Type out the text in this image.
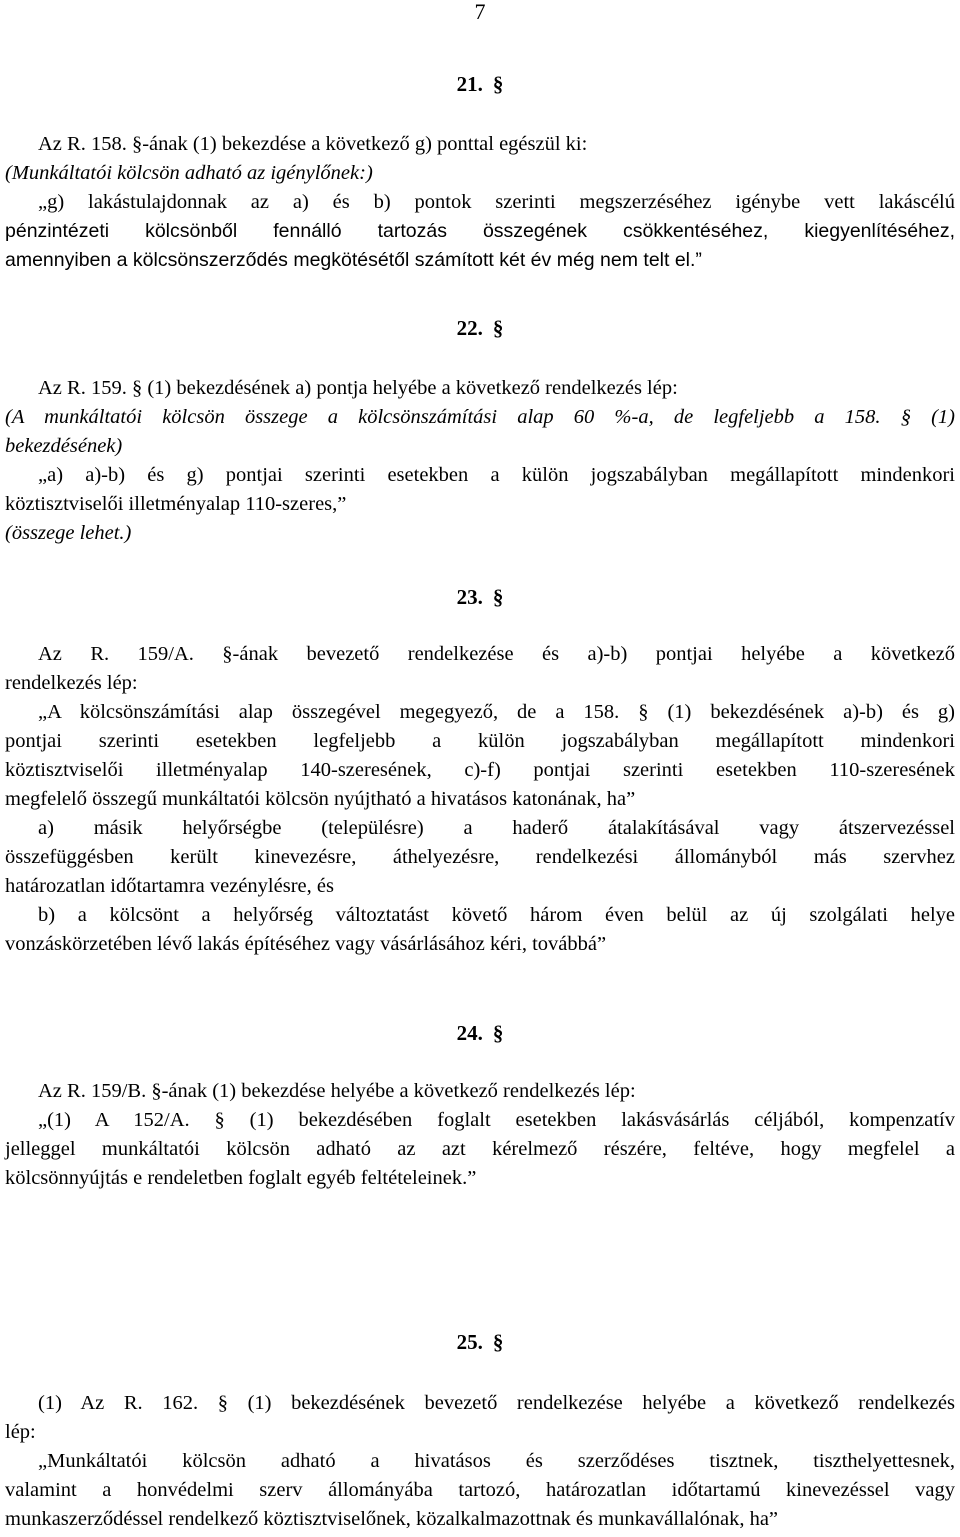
7
21. §
Az R. 158. §-ának (1) bekezdése a következő g) ponttal egészül ki:
(Munkáltatói kölcsön adható az igénylőnek:)
„g) lakástulajdonnak az a) és b) pontok szerinti megszerzéséhez igénybe vett lakáscélú
pénzintézeti kölcsönből fennálló tartozás összegének csökkentéséhez, kiegyenlítéséhez,
amennyiben a kölcsönszerződés megkötésétől számított két év még nem telt el.”
22. §
Az R. 159. § (1) bekezdésének a) pontja helyébe a következő rendelkezés lép:
(A munkáltatói kölcsön összege a kölcsönszámítási alap 60 %-a, de legfeljebb a 158. § (1)
bekezdésének)
„a) a)-b) és g) pontjai szerinti esetekben a külön jogszabályban megállapított mindenkori
köztisztviselői illetményalap 110-szeres,”
(összege lehet.)
23. §
Az R. 159/A. §-ának bevezető rendelkezése és a)-b) pontjai helyébe a következő
rendelkezés lép:
„A kölcsönszámítási alap összegével megegyező, de a 158. § (1) bekezdésének a)-b) és g)
pontjai szerinti esetekben legfeljebb a külön jogszabályban megállapított mindenkori
köztisztviselői illetményalap 140-szeresének, c)-f) pontjai szerinti esetekben 110-szeresének
megfelelő összegű munkáltatói kölcsön nyújtható a hivatásos katonának, ha”
a) másik helyőrségbe (településre) a haderő átalakításával vagy átszervezéssel
összefüggésben került kinevezésre, áthelyezésre, rendelkezési állományból más szervhez
határozatlan időtartamra vezénylésre, és
b) a kölcsönt a helyőrség változtatást követő három éven belül az új szolgálati helye
vonzáskörzetében lévő lakás építéséhez vagy vásárlásához kéri, továbbá”
24. §
Az R. 159/B. §-ának (1) bekezdése helyébe a következő rendelkezés lép:
„(1) A 152/A. § (1) bekezdésében foglalt esetekben lakásvásárlás céljából, kompenzatív
jelleggel munkáltatói kölcsön adható az azt kérelmező részére, feltéve, hogy megfelel a
kölcsönnyújtás e rendeletben foglalt egyéb feltételeinek.”
25. §
(1) Az R. 162. § (1) bekezdésének bevezető rendelkezése helyébe a következő rendelkezés
lép:
„Munkáltatói kölcsön adható a hivatásos és szerződéses tisztnek, tiszthelyettesnek,
valamint a honvédelmi szerv állományába tartozó, határozatlan időtartamú kinevezéssel vagy
munkaszerződéssel rendelkező köztisztviselőnek, közalkalmazottnak és munkavállalónak, ha”
